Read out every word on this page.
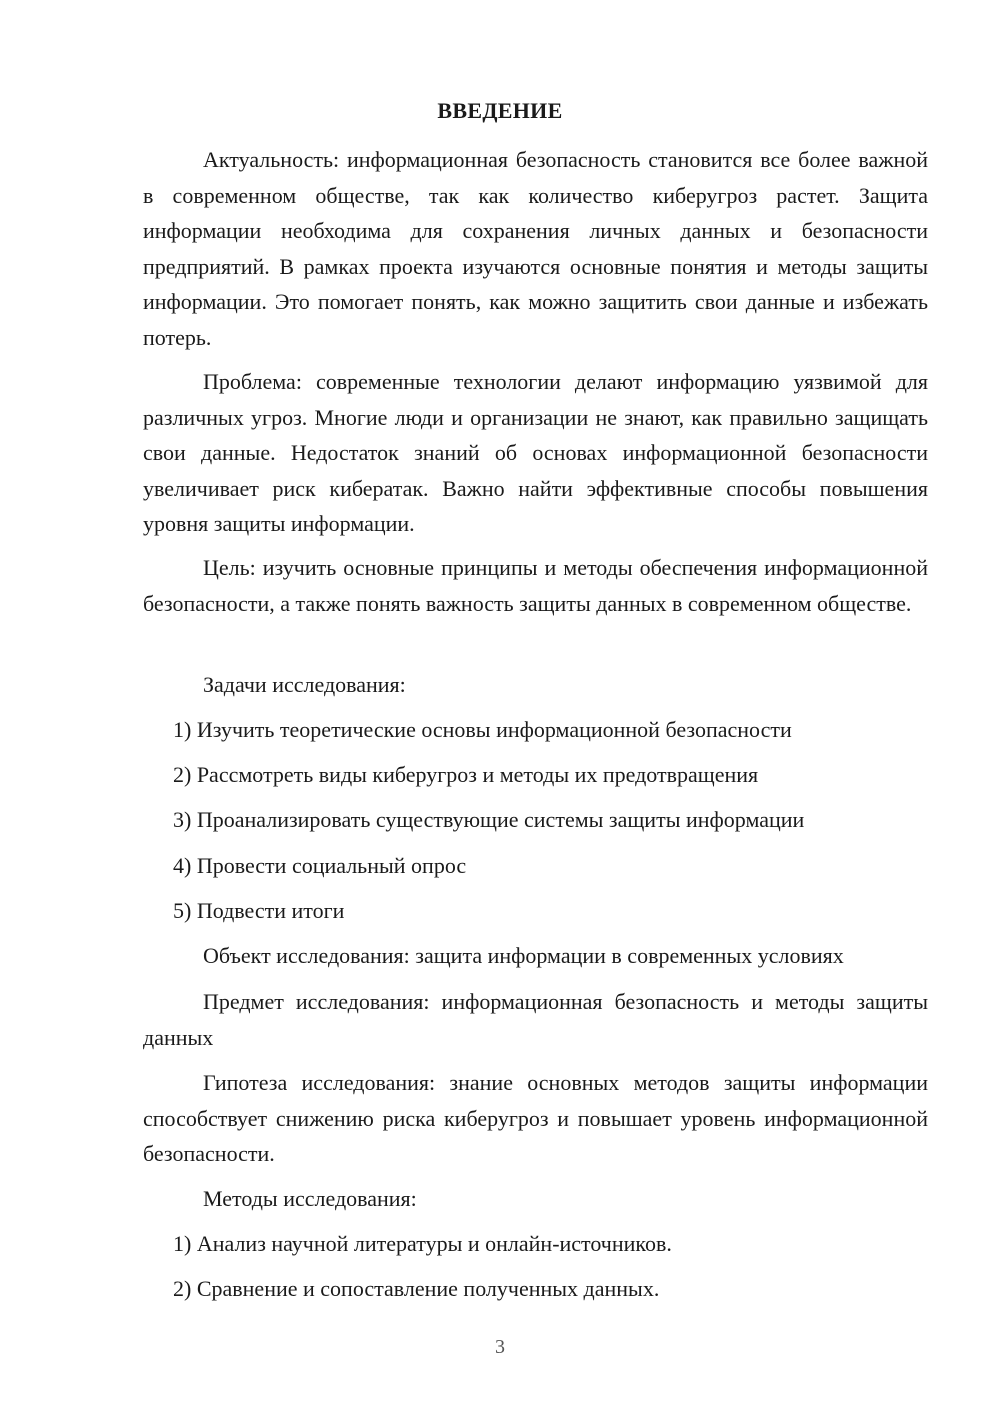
ВВЕДЕНИЕ

Актуальность: информационная безопасность становится все более важной в современном обществе, так как количество киберугроз растет. Защита информации необходима для сохранения личных данных и безопасности предприятий. В рамках проекта изучаются основные понятия и методы защиты информации. Это помогает понять, как можно защитить свои данные и избежать потерь.

Проблема: современные технологии делают информацию уязвимой для различных угроз. Многие люди и организации не знают, как правильно защищать свои данные. Недостаток знаний об основах информационной безопасности увеличивает риск кибератак. Важно найти эффективные способы повышения уровня защиты информации.

Цель: изучить основные принципы и методы обеспечения информационной безопасности, а также понять важность защиты данных в современном обществе.

Задачи исследования:
1) Изучить теоретические основы информационной безопасности
2) Рассмотреть виды киберугроз и методы их предотвращения
3) Проанализировать существующие системы защиты информации
4) Провести социальный опрос
5) Подвести итоги
Объект исследования: защита информации в современных условиях

Предмет исследования: информационная безопасность и методы защиты данных

Гипотеза исследования: знание основных методов защиты информации способствует снижению риска киберугроз и повышает уровень информационной безопасности.

Методы исследования:
1) Анализ научной литературы и онлайн-источников.
2) Сравнение и сопоставление полученных данных.
3
